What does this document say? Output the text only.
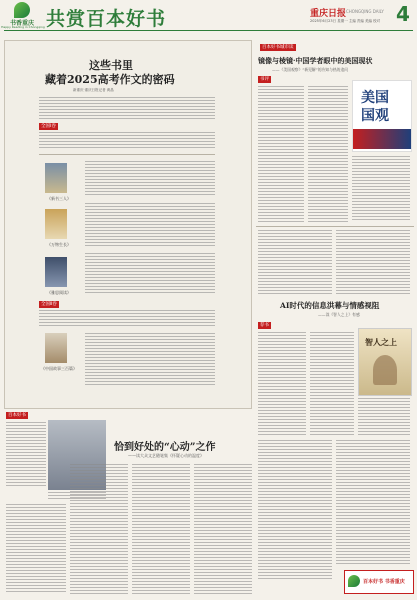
书香重庆
Happy Reading in Chongqing 共赏百本好书	重庆日报 CHONGQING DAILY
2025年6月23日 星期一 主编 责编 美编 校对 4
这些书里
藏着2025高考作文的密码
新重庆·重庆日报记者 黄晶
全国Ⅰ卷
《新书三人》
《万物生长》
《雅思阅读》
全国Ⅱ卷
《中国故事三百篇》
百本好书
恰到好处的“心动”之作
——读大众文艺随笔集《怀疑心动的温度》
百本好书城市读
镜像与棱镜·中国学者眼中的美国现状
——《美国观察》“新见解”的冷知与热的追问
书评
美国
国观
AI时代的信息洪幕与情感视阻
——读《智人之上》有感
荐书
智人之上
百本好书 书香重庆
